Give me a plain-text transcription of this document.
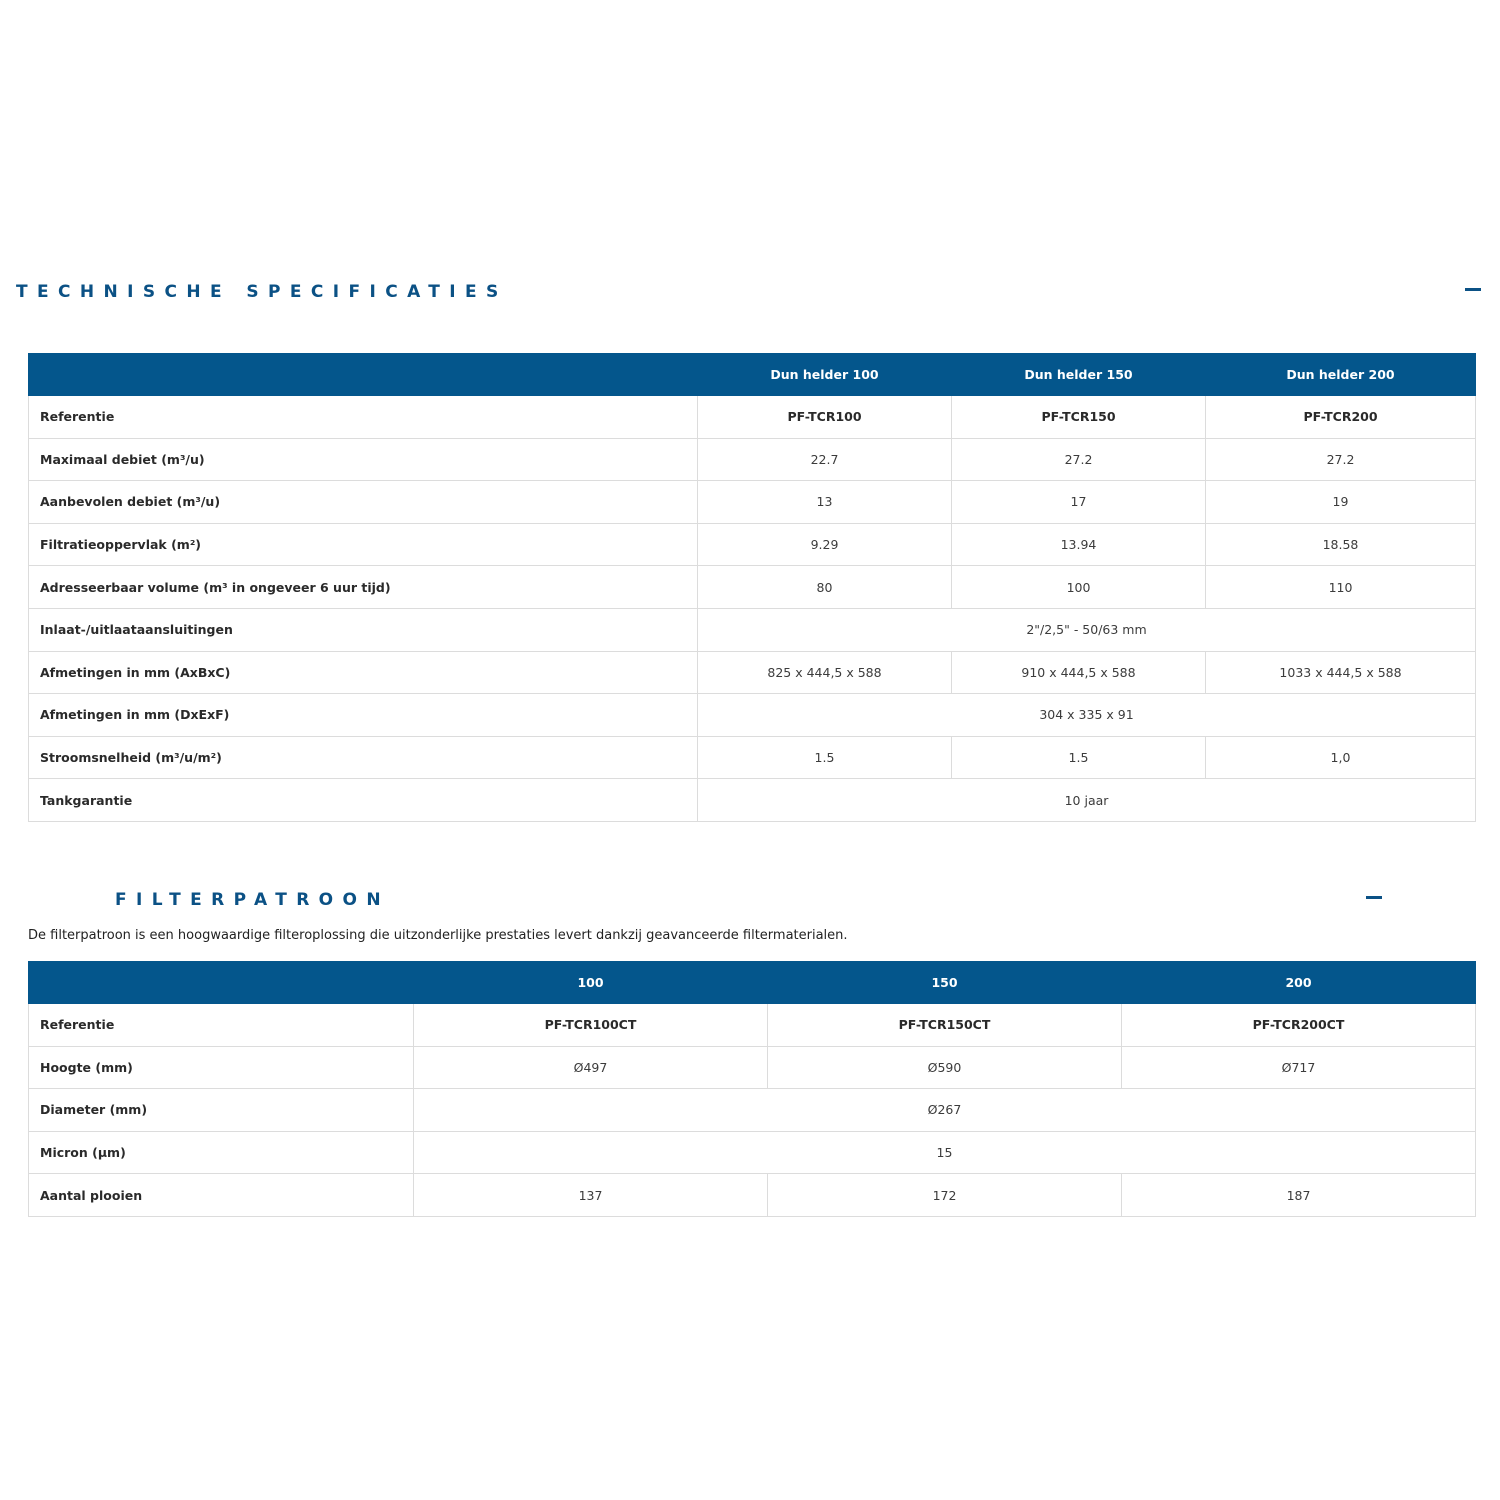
TECHNISCHE SPECIFICATIES
	Dun helder 100	Dun helder 150	Dun helder 200
Referentie	PF-TCR100	PF-TCR150	PF-TCR200
Maximaal debiet (m³/u)	22.7	27.2	27.2
Aanbevolen debiet (m³/u)	13	17	19
Filtratieoppervlak (m²)	9.29	13.94	18.58
Adresseerbaar volume (m³ in ongeveer 6 uur tijd)	80	100	110
Inlaat-/uitlaataansluitingen	2"/2,5" - 50/63 mm		
Afmetingen in mm (AxBxC)	825 x 444,5 x 588	910 x 444,5 x 588	1033 x 444,5 x 588
Afmetingen in mm (DxExF)	304 x 335 x 91		
Stroomsnelheid (m³/u/m²)	1.5	1.5	1,0
Tankgarantie	10 jaar		
FILTERPATROON
De filterpatroon is een hoogwaardige filteroplossing die uitzonderlijke prestaties levert dankzij geavanceerde filtermaterialen.
	100	150	200
Referentie	PF-TCR100CT	PF-TCR150CT	PF-TCR200CT
Hoogte (mm)	Ø497	Ø590	Ø717
Diameter (mm)	Ø267		
Micron (µm)	15		
Aantal plooien	137	172	187
